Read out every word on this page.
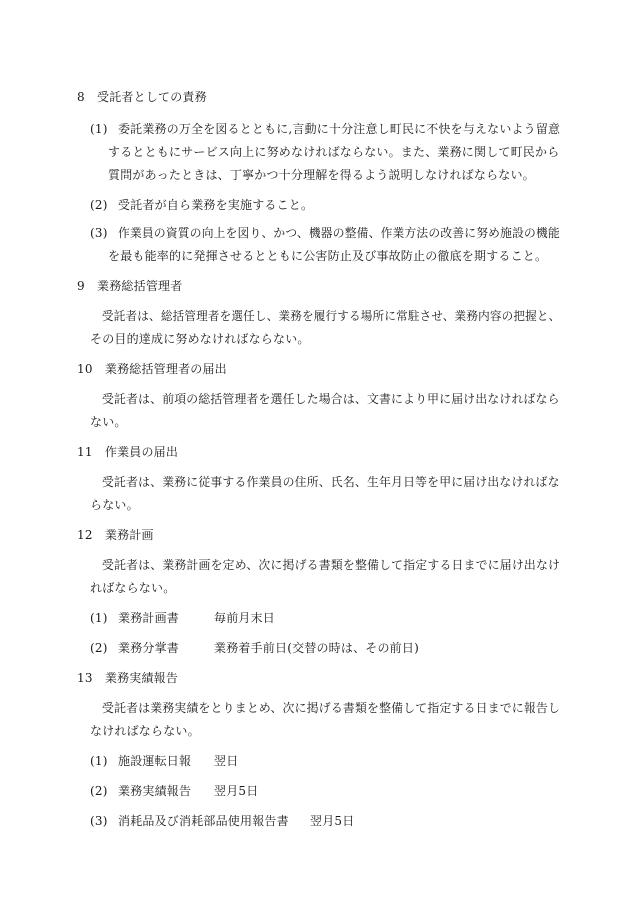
8　受託者としての責務
(1) 委託業務の万全を図るとともに,言動に十分注意し町民に不快を与えないよう留意
するとともにサービス向上に努めなければならない。また、業務に関して町民から
質問があったときは、丁寧かつ十分理解を得るよう説明しなければならない。
(2) 受託者が自ら業務を実施すること。
(3) 作業員の資質の向上を図り、かつ、機器の整備、作業方法の改善に努め施設の機能
を最も能率的に発揮させるとともに公害防止及び事故防止の徹底を期すること。
9　業務総括管理者
受託者は、総括管理者を選任し、業務を履行する場所に常駐させ、業務内容の把握と、
その目的達成に努めなければならない。
10　業務総括管理者の届出
受託者は、前項の総括管理者を選任した場合は、文書により甲に届け出なければなら
ない。
11　作業員の届出
受託者は、業務に従事する作業員の住所、氏名、生年月日等を甲に届け出なければな
らない。
12　業務計画
受託者は、業務計画を定め、次に掲げる書類を整備して指定する日までに届け出なけ
ればならない。
(1) 業務計画書	毎前月末日
(2) 業務分掌書	業務着手前日(交替の時は、その前日)
13　業務実績報告
受託者は業務実績をとりまとめ、次に掲げる書類を整備して指定する日までに報告し
なければならない。
(1) 施設運転日報 翌日
(2) 業務実績報告 翌月5日
(3) 消耗品及び消耗部品使用報告書 翌月5日
